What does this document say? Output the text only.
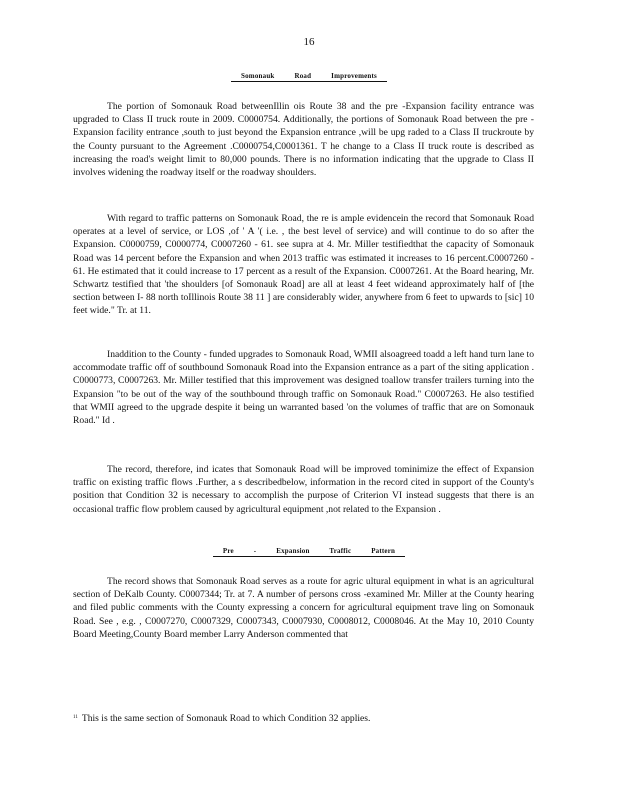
16
Somonauk Road Improvements

The portion of Somonauk Road betweenIllin ois Route 38 and the pre -Expansion facility entrance was upgraded to Class II truck route in 2009. C0000754. Additionally, the portions of Somonauk Road between the pre - Expansion facility entrance ,south to just beyond the Expansion entrance ,will be upg raded to a Class II truckroute by the County pursuant to the Agreement .C0000754,C0001361. T he change to a Class II truck route is described as increasing the road's weight limit to 80,000 pounds. There is no information indicating that the upgrade to Class II involves widening the roadway itself or the roadway shoulders.

With regard to traffic patterns on Somonauk Road, the re is ample evidencein the record that Somonauk Road operates at a level of service, or LOS ,of ' A '( i.e. , the best level of service) and will continue to do so after the Expansion. C0000759, C0000774, C0007260 - 61. see supra at 4. Mr. Miller testifiedthat the capacity of Somonauk Road was 14 percent before the Expansion and when 2013 traffic was estimated it increases to 16 percent.C0007260 - 61. He estimated that it could increase to 17 percent as a result of the Expansion. C0007261. At the Board hearing, Mr. Schwartz testified that 'the shoulders [of Somonauk Road] are all at least 4 feet wideand approximately half of [the section between I- 88 north toIllinois Route 38 11 ] are considerably wider, anywhere from 6 feet to upwards to [sic] 10 feet wide." Tr. at 11.

Inaddition to the County - funded upgrades to Somonauk Road, WMII alsoagreed toadd a left hand turn lane to accommodate traffic off of southbound Somonauk Road into the Expansion entrance as a part of the siting application . C0000773, C0007263. Mr. Miller testified that this improvement was designed toallow transfer trailers turning into the Expansion "to be out of the way of the southbound through traffic on Somonauk Road." C0007263. He also testified that WMII agreed to the upgrade despite it being un warranted based 'on the volumes of traffic that are on Somonauk Road." Id .

The record, therefore, ind icates that Somonauk Road will be improved tominimize the effect of Expansion traffic on existing traffic flows .Further, a s describedbelow, information in the record cited in support of the County's position that Condition 32 is necessary to accomplish the purpose of Criterion VI instead suggests that there is an occasional traffic flow problem caused by agricultural equipment ,not related to the Expansion .

Pre - Expansion Traffic Pattern

The record shows that Somonauk Road serves as a route for agric ultural equipment in what is an agricultural section of DeKalb County. C0007344; Tr. at 7. A number of persons cross -examined Mr. Miller at the County hearing and filed public comments with the County expressing a concern for agricultural equipment trave ling on Somonauk Road. See , e.g. , C0007270, C0007329, C0007343, C0007930, C0008012, C0008046. At the May 10, 2010 County Board Meeting,County Board member Larry Anderson commented that

$^{11}$ This is the same section of Somonauk Road to which Condition 32 applies.
